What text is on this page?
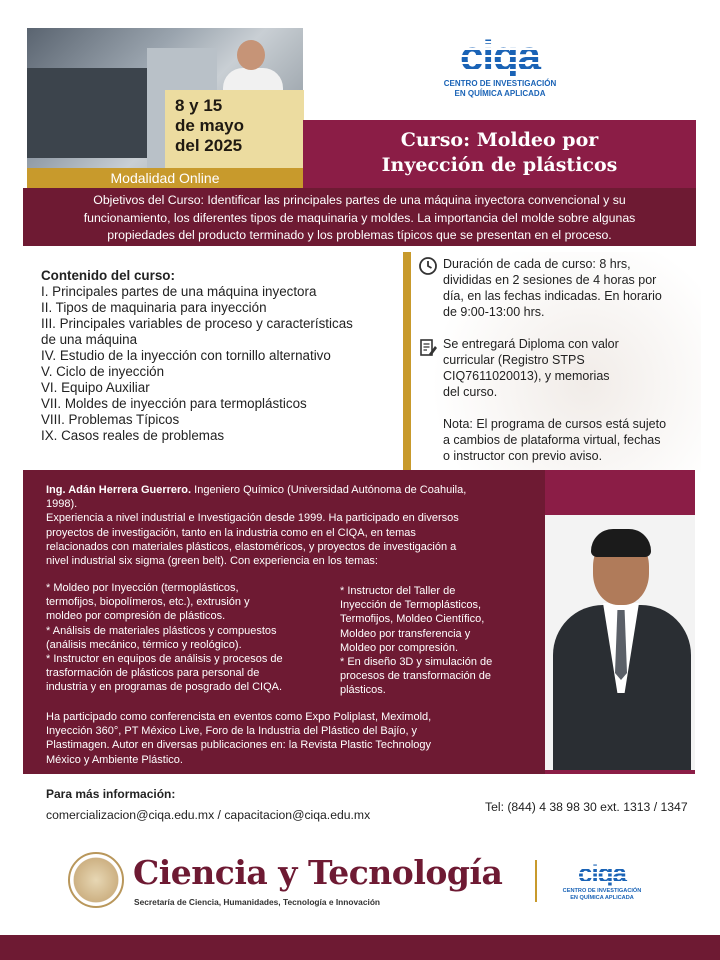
8 y 15
de mayo
del 2025
Modalidad Online
ciqa
CENTRO DE INVESTIGACIÓN
EN QUÍMICA APLICADA
Curso: Moldeo por
Inyección de plásticos
Objetivos del Curso: Identificar las principales partes de una máquina inyectora convencional y su
funcionamiento, los diferentes tipos de maquinaria y moldes. La importancia del molde sobre algunas
propiedades del producto terminado y los problemas típicos que se presentan en el proceso.
Contenido del curso:
I. Principales partes de una máquina inyectora
II. Tipos de maquinaria para inyección
III. Principales variables de proceso y características
de una máquina
IV. Estudio de la inyección con tornillo alternativo
V. Ciclo de inyección
VI. Equipo Auxiliar
VII. Moldes de inyección para termoplásticos
VIII. Problemas Típicos
IX. Casos reales de problemas
Duración de cada de curso: 8 hrs,
divididas en 2 sesiones de 4 horas por
día, en las fechas indicadas. En horario
de 9:00-13:00 hrs.
Se entregará Diploma con valor
curricular (Registro STPS
CIQ7611020013), y memorias
del curso.
Nota: El programa de cursos está sujeto
a cambios de plataforma virtual, fechas
o instructor con previo aviso.
Ing. Adán Herrera Guerrero. Ingeniero Químico (Universidad Autónoma de Coahuila,
1998).
Experiencia a nivel industrial e Investigación desde 1999. Ha participado en diversos
proyectos de investigación, tanto en la industria como en el CIQA, en temas
relacionados con materiales plásticos, elastoméricos, y proyectos de investigación a
nivel industrial six sigma (green belt). Con experiencia en los temas:
* Moldeo por Inyección (termoplásticos,
termofijos, biopolímeros, etc.), extrusión y
moldeo por compresión de plásticos.
* Análisis de materiales plásticos y compuestos
(análisis mecánico, térmico y reológico).
* Instructor en equipos de análisis y procesos de
trasformación de plásticos para personal de
industria y en programas de posgrado del CIQA.
* Instructor del Taller de
Inyección de Termoplásticos,
Termofijos, Moldeo Científico,
Moldeo por transferencia y
Moldeo por compresión.
* En diseño 3D y simulación de
procesos de transformación de
plásticos.
Ha participado como conferencista en eventos como Expo Poliplast, Meximold,
Inyección 360°, PT México Live, Foro de la Industria del Plástico del Bajío, y
Plastimagen. Autor en diversas publicaciones en: la Revista Plastic Technology
México y Ambiente Plástico.
Para más información:
comercializacion@ciqa.edu.mx / capacitacion@ciqa.edu.mx
Tel: (844) 4 38 98 30 ext. 1313 / 1347
Ciencia y Tecnología
Secretaría de Ciencia, Humanidades, Tecnología e Innovación
ciqa
CENTRO DE INVESTIGACIÓN
EN QUÍMICA APLICADA
